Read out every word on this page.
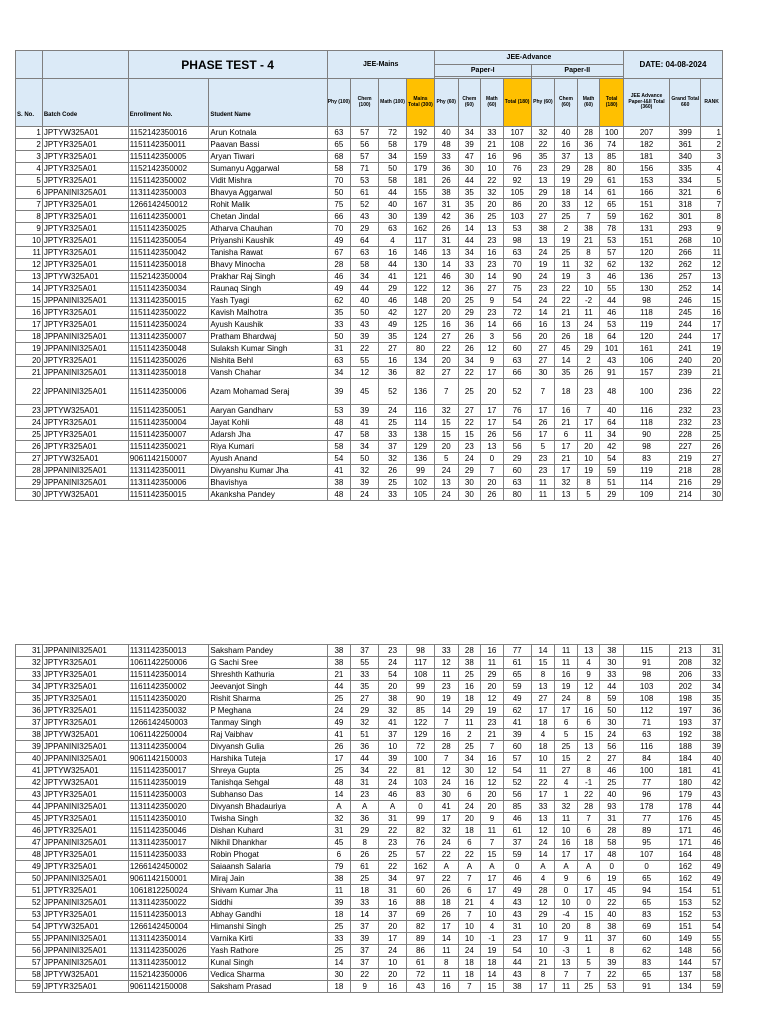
		PHASE TEST - 4		JEE-Mains				JEE-Advance								DATE: 04-08-2024		
								Paper-I				Paper-II						

S. No.	Batch Code	Enrollment No.	Student Name	Phy (100)	Chem (100)	Math (100)	Mains Total (300)	Phy (60)	Chem (60)	Math (60)	Total (180)	Phy (60)	Chem (60)	Math (60)	Total (180)	JEE Advance Paper-I&II Total (360)	Grand Total 660	RANK
1	JPTYW325A01	1152142350016	Arun Kotnala	63	57	72	192	40	34	33	107	32	40	28	100	207	399	1
2	JPTYR325A01	1151142350011	Paavan Bassi	65	56	58	179	48	39	21	108	22	16	36	74	182	361	2
3	JPTYR325A01	1151142350005	Aryan Tiwari	68	57	34	159	33	47	16	96	35	37	13	85	181	340	3
4	JPTYR325A01	1152142350002	Sumanyu Aggarwal	58	71	50	179	36	30	10	76	23	29	28	80	156	335	4
5	JPTYR325A01	1151142350002	Vidit Mishra	70	53	58	181	26	44	22	92	13	19	29	61	153	334	5
6	JPPANINI325A01	1131142350003	Bhavya Aggarwal	50	61	44	155	38	35	32	105	29	18	14	61	166	321	6
7	JPTYR325A01	1266142450012	Rohit Malik	75	52	40	167	31	35	20	86	20	33	12	65	151	318	7
8	JPTYR325A01	1161142350001	Chetan Jindal	66	43	30	139	42	36	25	103	27	25	7	59	162	301	8
9	JPTYR325A01	1151142350025	Atharva Chauhan	70	29	63	162	26	14	13	53	38	2	38	78	131	293	9
10	JPTYR325A01	1151142350054	Priyanshi Kaushik	49	64	4	117	31	44	23	98	13	19	21	53	151	268	10
11	JPTYR325A01	1151142350042	Tanisha Rawat	67	63	16	146	13	34	16	63	24	25	8	57	120	266	11
12	JPTYR325A01	1151142350018	Bhavy Minocha	28	58	44	130	14	33	23	70	19	11	32	62	132	262	12
13	JPTYW325A01	1152142350004	Prakhar Raj Singh	46	34	41	121	46	30	14	90	24	19	3	46	136	257	13
14	JPTYR325A01	1151142350034	Raunaq Singh	49	44	29	122	12	36	27	75	23	22	10	55	130	252	14
15	JPPANINI325A01	1131142350015	Yash Tyagi	62	40	46	148	20	25	9	54	24	22	-2	44	98	246	15
16	JPTYR325A01	1151142350022	Kavish Malhotra	35	50	42	127	20	29	23	72	14	21	11	46	118	245	16
17	JPTYR325A01	1151142350024	Ayush Kaushik	33	43	49	125	16	36	14	66	16	13	24	53	119	244	17
18	JPPANINI325A01	1131142350007	Pratham Bhardwaj	50	39	35	124	27	26	3	56	20	26	18	64	120	244	17
19	JPPANINI325A01	1151142350048	Sulaksh Kumar Singh	31	22	27	80	22	26	12	60	27	45	29	101	161	241	19
20	JPTYR325A01	1151142350026	Nishita Behl	63	55	16	134	20	34	9	63	27	14	2	43	106	240	20
21	JPPANINI325A01	1131142350018	Vansh Chahar	34	12	36	82	27	22	17	66	30	35	26	91	157	239	21
22	JPPANINI325A01	1151142350006	Azam Mohamad Seraj	39	45	52	136	7	25	20	52	7	18	23	48	100	236	22
23	JPTYW325A01	1151142350051	Aaryan Gandharv	53	39	24	116	32	27	17	76	17	16	7	40	116	232	23
24	JPTYR325A01	1151142350004	Jayat Kohli	48	41	25	114	15	22	17	54	26	21	17	64	118	232	23
25	JPTYR325A01	1151142350007	Adarsh Jha	47	58	33	138	15	15	26	56	17	6	11	34	90	228	25
26	JPTYR325A01	1151142350021	Riya Kumari	58	34	37	129	20	23	13	56	5	17	20	42	98	227	26
27	JPTYW325A01	9061142150007	Ayush Anand	54	50	32	136	5	24	0	29	23	21	10	54	83	219	27
28	JPPANINI325A01	1131142350011	Divyanshu Kumar Jha	41	32	26	99	24	29	7	60	23	17	19	59	119	218	28
29	JPPANINI325A01	1131142350006	Bhavishya	38	39	25	102	13	30	20	63	11	32	8	51	114	216	29
30	JPTYW325A01	1151142350015	Akanksha Pandey	48	24	33	105	24	30	26	80	11	13	5	29	109	214	30
31	JPPANINI325A01	1131142350013	Saksham Pandey	38	37	23	98	33	28	16	77	14	11	13	38	115	213	31
32	JPTYR325A01	1061142250006	G Sachi Sree	38	55	24	117	12	38	11	61	15	11	4	30	91	208	32
33	JPTYR325A01	1151142350014	Shreshth Kathuria	21	33	54	108	11	25	29	65	8	16	9	33	98	206	33
34	JPTYR325A01	1161142350002	Jeevanjot Singh	44	35	20	99	23	16	20	59	13	19	12	44	103	202	34
35	JPTYR325A01	1151142350020	Rishit Sharma	25	27	38	90	19	18	12	49	27	24	8	59	108	198	35
36	JPTYR325A01	1151142350032	P Meghana	24	29	32	85	14	29	19	62	17	17	16	50	112	197	36
37	JPTYR325A01	1266142450003	Tanmay Singh	49	32	41	122	7	11	23	41	18	6	6	30	71	193	37
38	JPTYW325A01	1061142250004	Raj Vaibhav	41	51	37	129	16	2	21	39	4	5	15	24	63	192	38
39	JPPANINI325A01	1131142350004	Divyansh Gulia	26	36	10	72	28	25	7	60	18	25	13	56	116	188	39
40	JPPANINI325A01	9061142150003	Harshika Tuteja	17	44	39	100	7	34	16	57	10	15	2	27	84	184	40
41	JPTYW325A01	1151142350017	Shreya Gupta	25	34	22	81	12	30	12	54	11	27	8	46	100	181	41
42	JPTYW325A01	1151142350019	Tanishqa Sehgal	48	31	24	103	24	16	12	52	22	4	-1	25	77	180	42
43	JPTYR325A01	1151142350003	Subhanso Das	14	23	46	83	30	6	20	56	17	1	22	40	96	179	43
44	JPPANINI325A01	1131142350020	Divyansh Bhadauriya	A	A	A	0	41	24	20	85	33	32	28	93	178	178	44
45	JPTYR325A01	1151142350010	Twisha Singh	32	36	31	99	17	20	9	46	13	11	7	31	77	176	45
46	JPTYR325A01	1151142350046	Dishan Kuhard	31	29	22	82	32	18	11	61	12	10	6	28	89	171	46
47	JPPANINI325A01	1131142350017	Nikhil Dhankhar	45	8	23	76	24	6	7	37	24	16	18	58	95	171	46
48	JPTYR325A01	1151142350033	Robin Phogat	6	26	25	57	22	22	15	59	14	17	17	48	107	164	48
49	JPTYR325A01	1266142450002	Saiaansh Salaria	79	61	22	162	A	A	A	0	A	A	A	0	0	162	49
50	JPPANINI325A01	9061142150001	Miraj Jain	38	25	34	97	22	7	17	46	4	9	6	19	65	162	49
51	JPTYR325A01	1061812250024	Shivam Kumar Jha	11	18	31	60	26	6	17	49	28	0	17	45	94	154	51
52	JPPANINI325A01	1131142350022	Siddhi	39	33	16	88	18	21	4	43	12	10	0	22	65	153	52
53	JPTYR325A01	1151142350013	Abhay Gandhi	18	14	37	69	26	7	10	43	29	-4	15	40	83	152	53
54	JPTYW325A01	1266142450004	Himanshi Singh	25	37	20	82	17	10	4	31	10	20	8	38	69	151	54
55	JPPANINI325A01	1131142350014	Varnika Kirti	33	39	17	89	14	10	-1	23	17	9	11	37	60	149	55
56	JPPANINI325A01	1131142350026	Yash Rathore	25	37	24	86	11	24	19	54	10	-3	1	8	62	148	56
57	JPPANINI325A01	1131142350012	Kunal Singh	14	37	10	61	8	18	18	44	21	13	5	39	83	144	57
58	JPTYW325A01	1152142350006	Vedica Sharma	30	22	20	72	11	18	14	43	8	7	7	22	65	137	58
59	JPTYR325A01	9061142150008	Saksham Prasad	18	9	16	43	16	7	15	38	17	11	25	53	91	134	59
